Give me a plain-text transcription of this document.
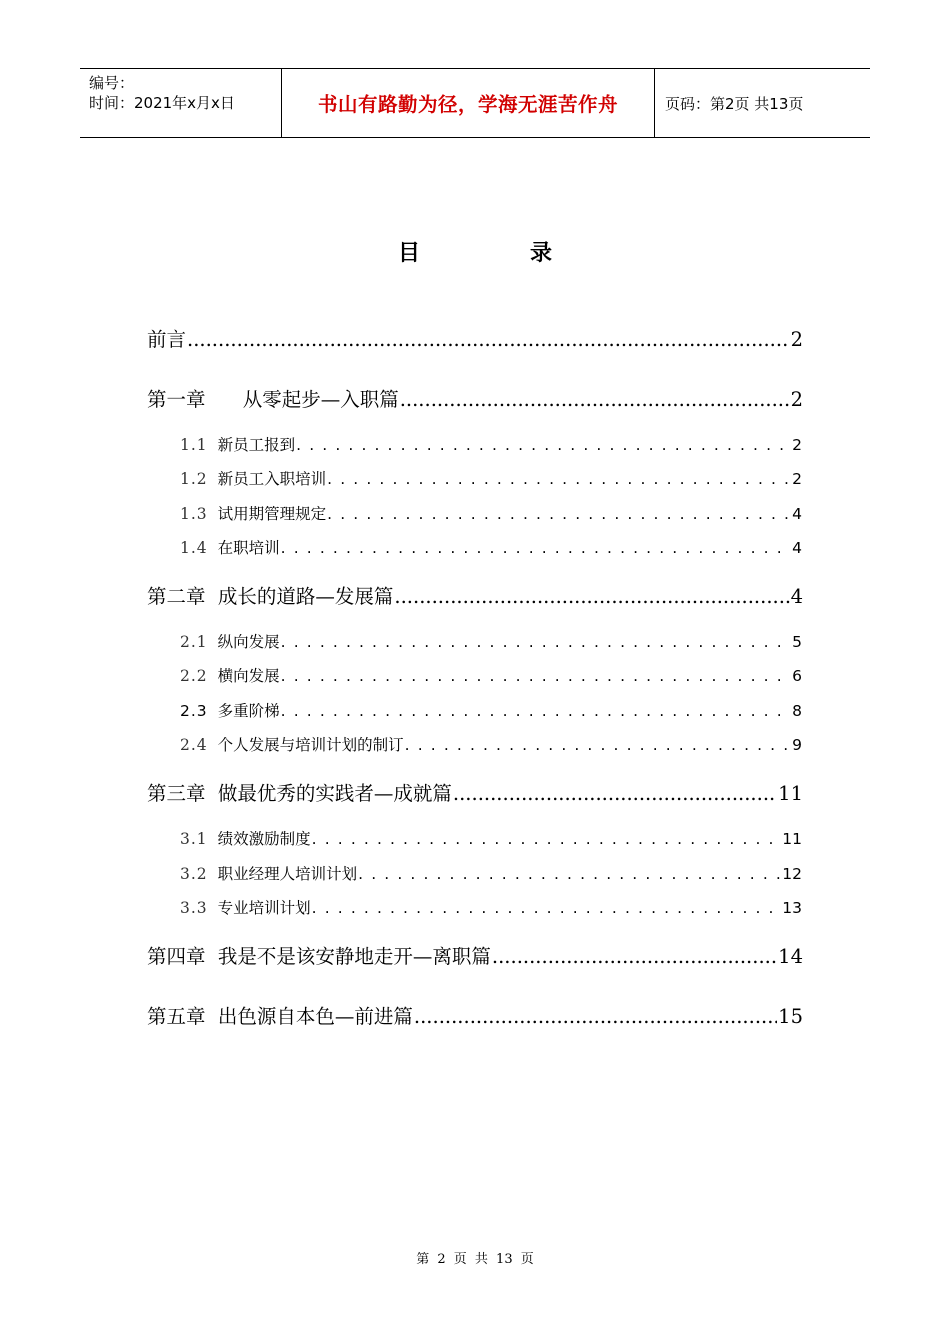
编号：
时间：2021年x月x日	书山有路勤为径，学海无涯苦作舟	页码：第2页 共13页
目	录
前言 .....	2
第一章      从零起步—入职篇 .....	2
1.1 新员工报到 . . .	2
1.2 新员工入职培训 . . .	2
1.3 试用期管理规定 . . .	4
1.4 在职培训 . . .	4
第二章  成长的道路—发展篇 .....	4
2.1 纵向发展 . . .	5
2.2 横向发展 . . .	6
2.3 多重阶梯 . . .	8
2.4 个人发展与培训计划的制订 . . .	9
第三章  做最优秀的实践者—成就篇 .....	11
3.1 绩效激励制度 . . .	11
3.2 职业经理人培训计划 . . .	12
3.3 专业培训计划 . . .	13
第四章  我是不是该安静地走开—离职篇 .....	14
第五章  出色源自本色—前进篇 .....	15
第 2 页 共 13 页
